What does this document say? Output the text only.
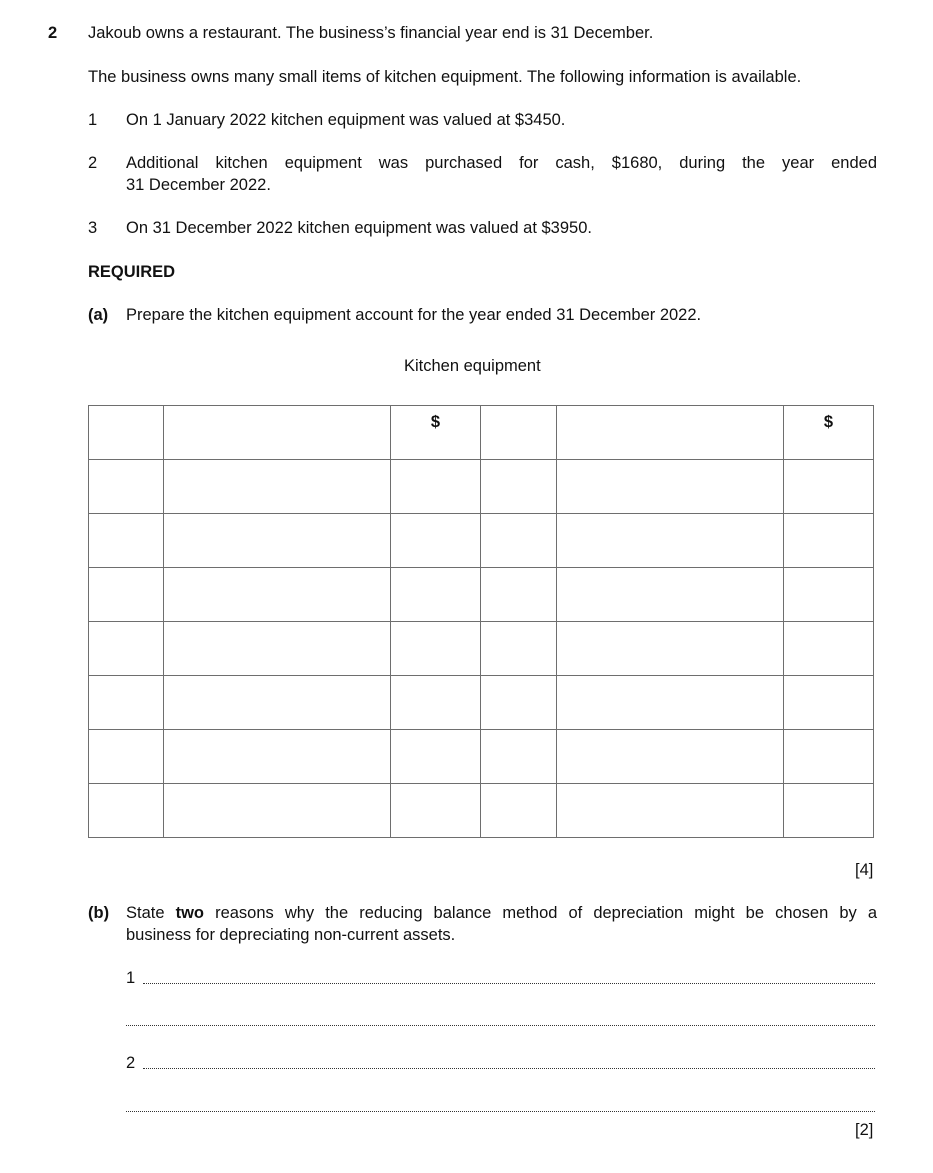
2 Jakoub owns a restaurant. The business’s financial year end is 31 December.
The business owns many small items of kitchen equipment. The following information is available.
1 On 1 January 2022 kitchen equipment was valued at $3450.
2 Additional kitchen equipment was purchased for cash, $1680, during the year ended
31 December 2022.
3 On 31 December 2022 kitchen equipment was valued at $3950.
REQUIRED
(a) Prepare the kitchen equipment account for the year ended 31 December 2022.
Kitchen equipment

		$			$

[4]
(b) State two reasons why the reducing balance method of depreciation might be chosen by a
business for depreciating non-current assets.
1
2
[2]
